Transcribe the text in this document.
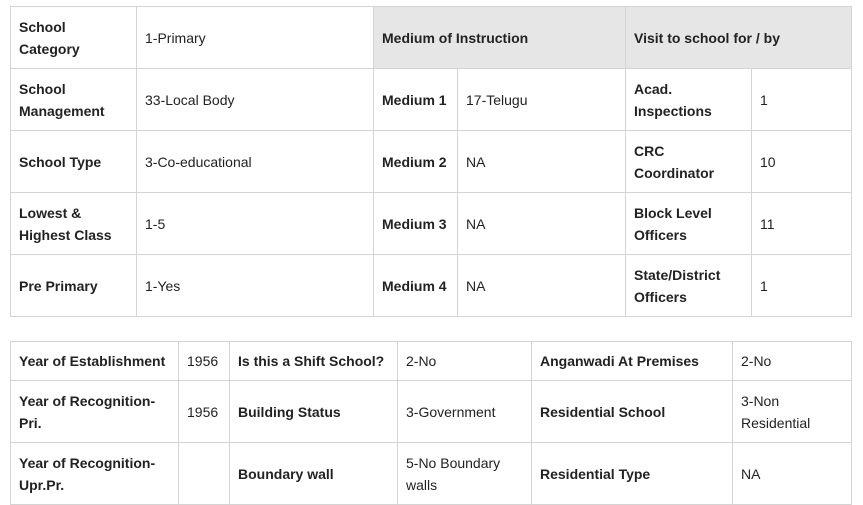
School Category	1-Primary	Medium of Instruction		Visit to school for / by	
School Management	33-Local Body	Medium 1	17-Telugu	Acad. Inspections	1
School Type	3-Co-educational	Medium 2	NA	CRC Coordinator	10
Lowest & Highest Class	1-5	Medium 3	NA	Block Level Officers	11
Pre Primary	1-Yes	Medium 4	NA	State/District Officers	1
Year of Establishment	1956	Is this a Shift School?	2-No	Anganwadi At Premises	2-No
Year of Recognition-Pri.	1956	Building Status	3-Government	Residential School	3-Non Residential
Year of Recognition-Upr.Pr.		Boundary wall	5-No Boundary walls	Residential Type	NA
